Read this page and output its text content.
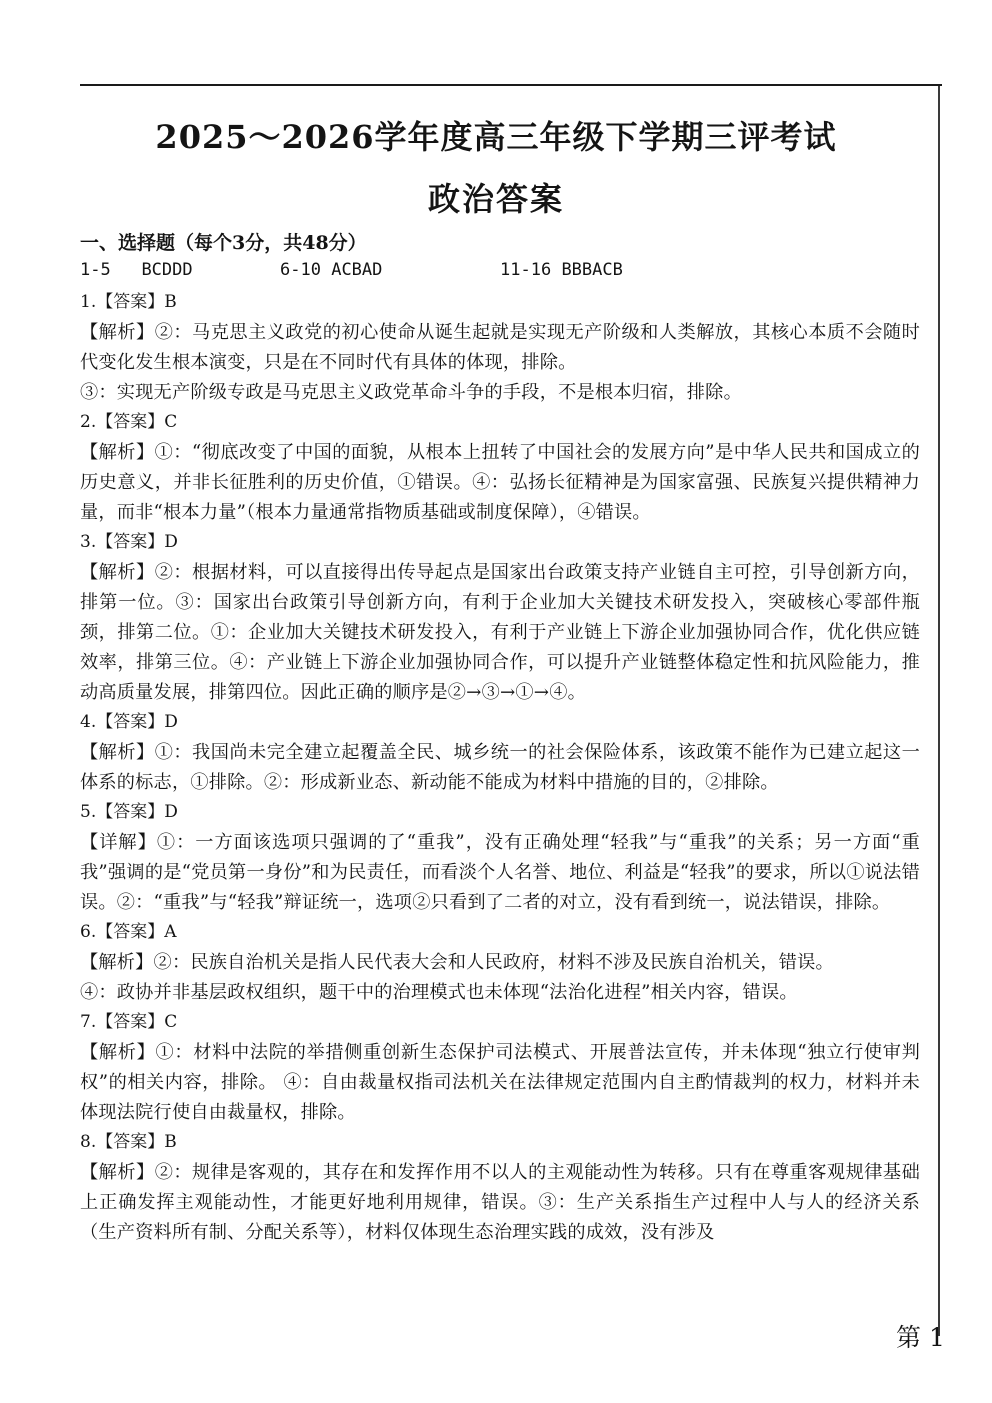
2025～2026学年度高三年级下学期三评考试
政治答案
一、选择题（每个3分，共48分）
1-5 BCDDD	6-10 ACBAD	11-16 BBBACB
1.【答案】B
【解析】②：马克思主义政党的初心使命从诞生起就是实现无产阶级和人类解放，其核心本质不会随时代变化发生根本演变，只是在不同时代有具体的体现，排除。
③：实现无产阶级专政是马克思主义政党革命斗争的手段，不是根本归宿，排除。
2.【答案】C
【解析】①：“彻底改变了中国的面貌，从根本上扭转了中国社会的发展方向”是中华人民共和国成立的历史意义，并非长征胜利的历史价值，①错误。④：弘扬长征精神是为国家富强、民族复兴提供精神力量，而非“根本力量”（根本力量通常指物质基础或制度保障），④错误。
3.【答案】D
【解析】②：根据材料，可以直接得出传导起点是国家出台政策支持产业链自主可控，引导创新方向，排第一位。③：国家出台政策引导创新方向，有利于企业加大关键技术研发投入，突破核心零部件瓶颈，排第二位。①：企业加大关键技术研发投入，有利于产业链上下游企业加强协同合作，优化供应链效率，排第三位。④：产业链上下游企业加强协同合作，可以提升产业链整体稳定性和抗风险能力，推动高质量发展，排第四位。因此正确的顺序是②→③→①→④。
4.【答案】D
【解析】①：我国尚未完全建立起覆盖全民、城乡统一的社会保险体系，该政策不能作为已建立起这一体系的标志，①排除。②：形成新业态、新动能不能成为材料中措施的目的，②排除。
5.【答案】D
【详解】①：一方面该选项只强调的了“重我”，没有正确处理“轻我”与“重我”的关系；另一方面“重我”强调的是“党员第一身份”和为民责任，而看淡个人名誉、地位、利益是“轻我”的要求，所以①说法错误。②：“重我”与“轻我”辩证统一，选项②只看到了二者的对立，没有看到统一，说法错误，排除。
6.【答案】A
【解析】②：民族自治机关是指人民代表大会和人民政府，材料不涉及民族自治机关，错误。
④：政协并非基层政权组织，题干中的治理模式也未体现“法治化进程”相关内容，错误。
7.【答案】C
【解析】①：材料中法院的举措侧重创新生态保护司法模式、开展普法宣传，并未体现“独立行使审判权”的相关内容，排除。 ④：自由裁量权指司法机关在法律规定范围内自主酌情裁判的权力，材料并未体现法院行使自由裁量权，排除。
8.【答案】B
【解析】②：规律是客观的，其存在和发挥作用不以人的主观能动性为转移。只有在尊重客观规律基础上正确发挥主观能动性，才能更好地利用规律，错误。③：生产关系指生产过程中人与人的经济关系（生产资料所有制、分配关系等），材料仅体现生态治理实践的成效，没有涉及
第 1
